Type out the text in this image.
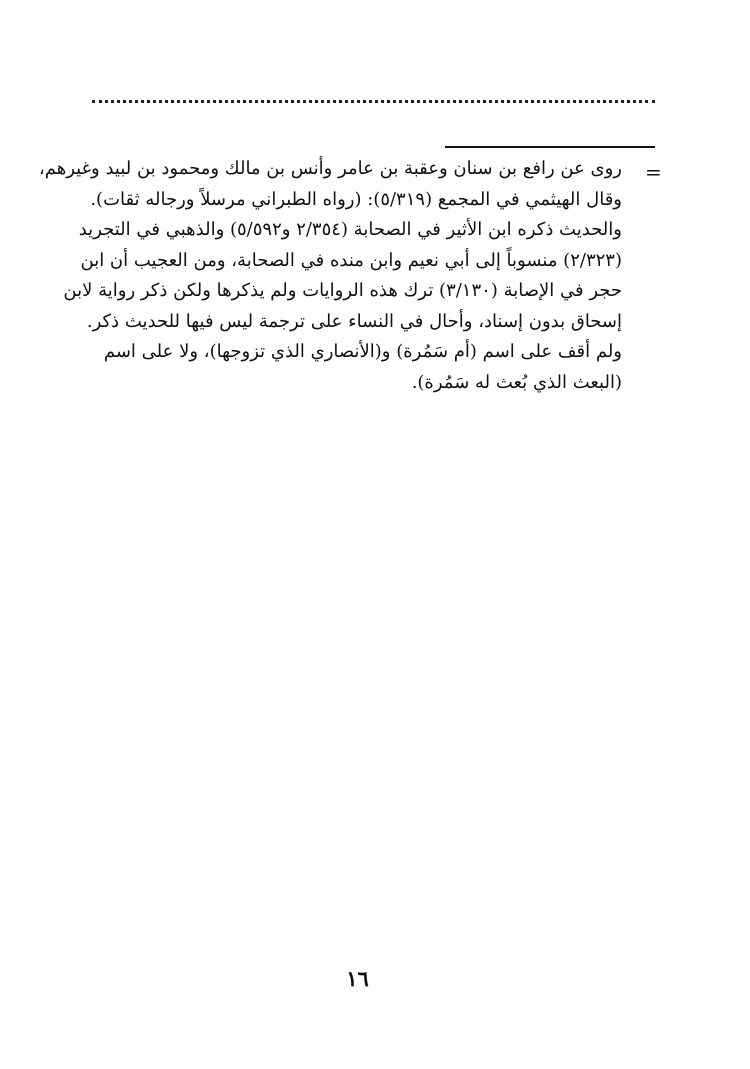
=
روى عن رافع بن سنان وعقبة بن عامر وأنس بن مالك ومحمود بن لبيد وغيرهم،
وقال الهيثمي في المجمع (٥/٣١٩): (رواه الطبراني مرسلاً ورجاله ثقات).
والحديث ذكره ابن الأثير في الصحابة (٢/٣٥٤ و٥/٥٩٢) والذهبي في التجريد
(٢/٣٢٣) منسوباً إلى أبي نعيم وابن منده في الصحابة، ومن العجيب أن ابن
حجر في الإصابة (٣/١٣٠) ترك هذه الروايات ولم يذكرها ولكن ذكر رواية لابن
إسحاق بدون إسناد، وأحال في النساء على ترجمة ليس فيها للحديث ذكر.
ولم أقف على اسم (أم سَمُرة) و(الأنصاري الذي تزوجها)، ولا على اسم
(البعث الذي بُعث له سَمُرة).
١٦
